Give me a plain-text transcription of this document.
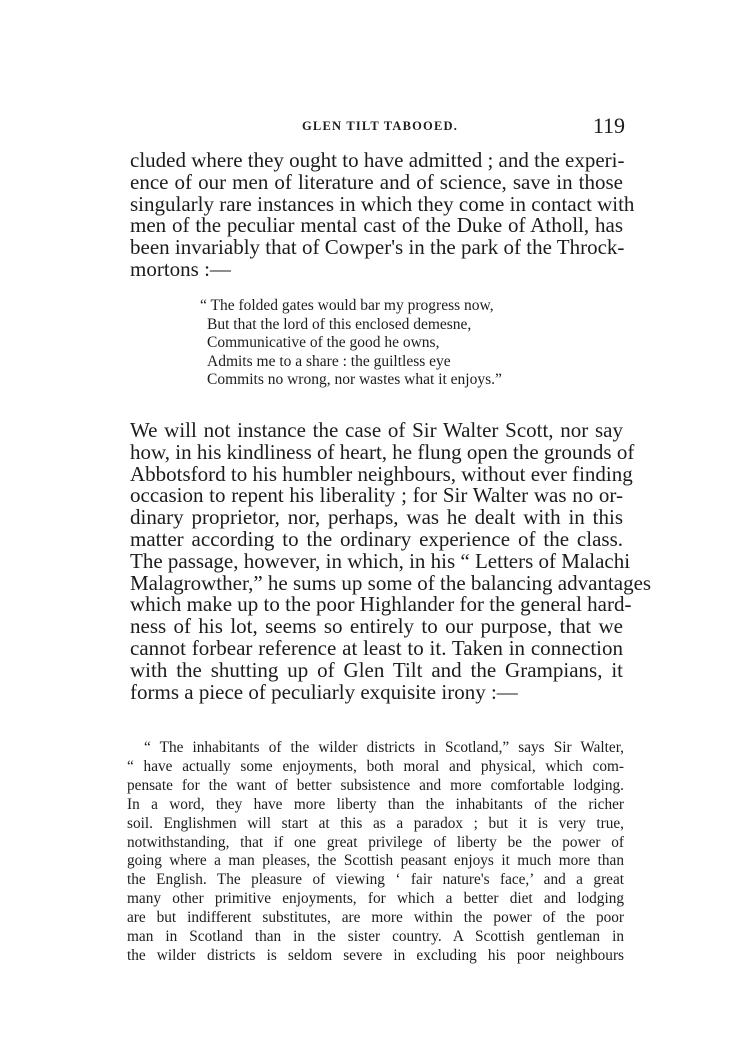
GLEN TILT TABOOED.	119
cluded where they ought to have admitted ; and the experi-
ence of our men of literature and of science, save in those
singularly rare instances in which they come in contact with
men of the peculiar mental cast of the Duke of Atholl, has
been invariably that of Cowper's in the park of the Throck-
mortons :—
“ The folded gates would bar my progress now,
But that the lord of this enclosed demesne,
Communicative of the good he owns,
Admits me to a share : the guiltless eye
Commits no wrong, nor wastes what it enjoys.”
We will not instance the case of Sir Walter Scott, nor say
how, in his kindliness of heart, he flung open the grounds of
Abbotsford to his humbler neighbours, without ever finding
occasion to repent his liberality ; for Sir Walter was no or-
dinary proprietor, nor, perhaps, was he dealt with in this
matter according to the ordinary experience of the class.
The passage, however, in which, in his “ Letters of Malachi
Malagrowther,” he sums up some of the balancing advantages
which make up to the poor Highlander for the general hard-
ness of his lot, seems so entirely to our purpose, that we
cannot forbear reference at least to it. Taken in connection
with the shutting up of Glen Tilt and the Grampians, it
forms a piece of peculiarly exquisite irony :—
“ The inhabitants of the wilder districts in Scotland,” says Sir Walter,
“ have actually some enjoyments, both moral and physical, which com-
pensate for the want of better subsistence and more comfortable lodging.
In a word, they have more liberty than the inhabitants of the richer
soil. Englishmen will start at this as a paradox ; but it is very true,
notwithstanding, that if one great privilege of liberty be the power of
going where a man pleases, the Scottish peasant enjoys it much more than
the English. The pleasure of viewing ‘ fair nature's face,’ and a great
many other primitive enjoyments, for which a better diet and lodging
are but indifferent substitutes, are more within the power of the poor
man in Scotland than in the sister country. A Scottish gentleman in
the wilder districts is seldom severe in excluding his poor neighbours
